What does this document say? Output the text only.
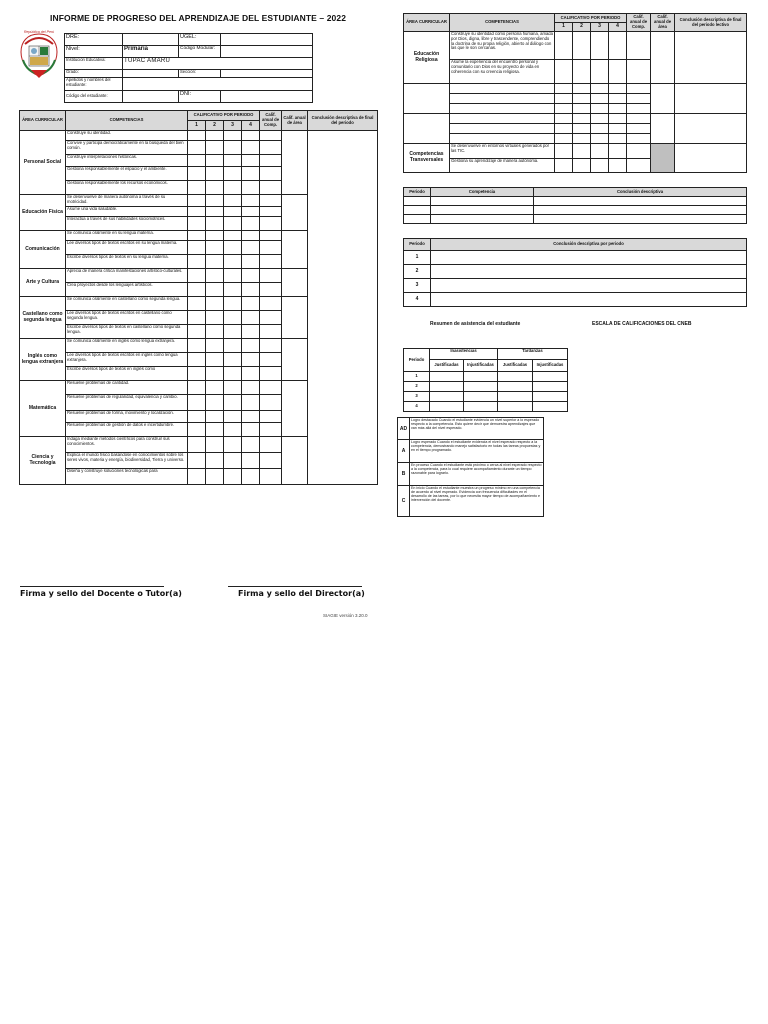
INFORME DE PROGRESO DEL APRENDIZAJE DEL ESTUDIANTE – 2022
República del Perú
DRE:		UGEL:	
Nivel:	Primaria	Código Modular:	
Institución Educativa:	TUPAC AMARU		
Grado:		Sección:	
Apellidos y nombres del estudiante:			
Código del estudiante:		DNI:	
ÁREA CURRICULAR	COMPETENCIAS	CALIFICATIVO POR PERIODO				Calif. anual de Comp.	Calif. anual de área	Conclusión descriptiva de final del periodo
		1	2	3	4			
Personal Social	Construye su identidad.							
	Convive y participa democráticamente en la búsqueda del bien común.							
	Construye interpretaciones históricas.							
	Gestiona responsablemente el espacio y el ambiente.							
	Gestiona responsablemente los recursos económicos.							
Educación Física	Se desenvuelve de manera autónoma a través de su motricidad.							
	Asume una vida saludable.							
	Interactúa a través de sus habilidades sociomotrices.							
Comunicación	Se comunica oralmente en su lengua materna.							
	Lee diversos tipos de textos escritos en su lengua materna.							
	Escribe diversos tipos de textos en su lengua materna.							
Arte y Cultura	Aprecia de manera crítica manifestaciones artístico-culturales.							
	Crea proyectos desde los lenguajes artísticos.							
Castellano como segunda lengua	Se comunica oralmente en castellano como segunda lengua.							
	Lee diversos tipos de textos escritos en castellano como segunda lengua.							
	Escribe diversos tipos de textos en castellano como segunda lengua.							
Inglés como lengua extranjera	Se comunica oralmente en inglés como lengua extranjera.							
	Lee diversos tipos de textos escritos en inglés como lengua extranjera.							
	Escribe diversos tipos de textos en inglés como							
Matemática	Resuelve problemas de cantidad.							
	Resuelve problemas de regularidad, equivalencia y cambio.							
	Resuelve problemas de forma, movimiento y localización.							
	Resuelve problemas de gestión de datos e incertidumbre.							
Ciencia y Tecnología	Indaga mediante métodos científicos para construir sus conocimientos.							
	Explica el mundo físico basándose en conocimientos sobre los seres vivos, materia y energía, biodiversidad, Tierra y universo.							
	Diseña y construye soluciones tecnológicas para							
ÁREA CURRICULAR	COMPETENCIAS	CALIFICATIVO POR PERIODO				Calif. anual de Comp.	Calif. anual de área	Conclusión descriptiva de final del periodo lectivo
		1	2	3	4			
Educación Religiosa	Construye su identidad como persona humana, amada por Dios, digna, libre y trascendente, comprendiendo la doctrina de su propia religión, abierto al diálogo con las que le son cercanas.							
	Asume la experiencia del encuentro personal y comunitario con Dios en su proyecto de vida en coherencia con su creencia religiosa.							

Competencias Transversales	Se desenvuelve en entornos virtuales generados por las TIC.							
	Gestiona su aprendizaje de manera autónoma.							
Periodo	Competencia	Conclusión descriptiva

Periodo	Conclusión descriptiva por periodo
1	
2	
3	
4	
Resumen de asistencia del estudiante	ESCALA DE CALIFICACIONES DEL CNEB
Periodo	Inasistencias		Tardanzas	
	Justificadas	Injustificadas	Justificadas	Injustificadas
1				
2				
3				
4				
AD	Logro destacado Cuando el estudiante evidencia un nivel superior a lo esperado respecto a la competencia. Esto quiere decir que demuestra aprendizajes que van más allá del nivel esperado.
A	Logro esperado Cuando el estudiante evidencia el nivel esperado respecto a la competencia, demostrando manejo satisfactorio en todas las tareas propuestas y en el tiempo programado.
B	En proceso Cuando el estudiante está próximo o cerca al nivel esperado respecto a la competencia, para lo cual requiere acompañamiento durante un tiempo razonable para lograrlo.
C	En inicio Cuando el estudiante muestra un progreso mínimo en una competencia de acuerdo al nivel esperado. Evidencia con frecuencia dificultades en el desarrollo de las tareas, por lo que necesita mayor tiempo de acompañamiento e intervención del docente.
Firma y sello del Docente o Tutor(a)	Firma y sello del Director(a)
SIAGIE versión 3.20.0
